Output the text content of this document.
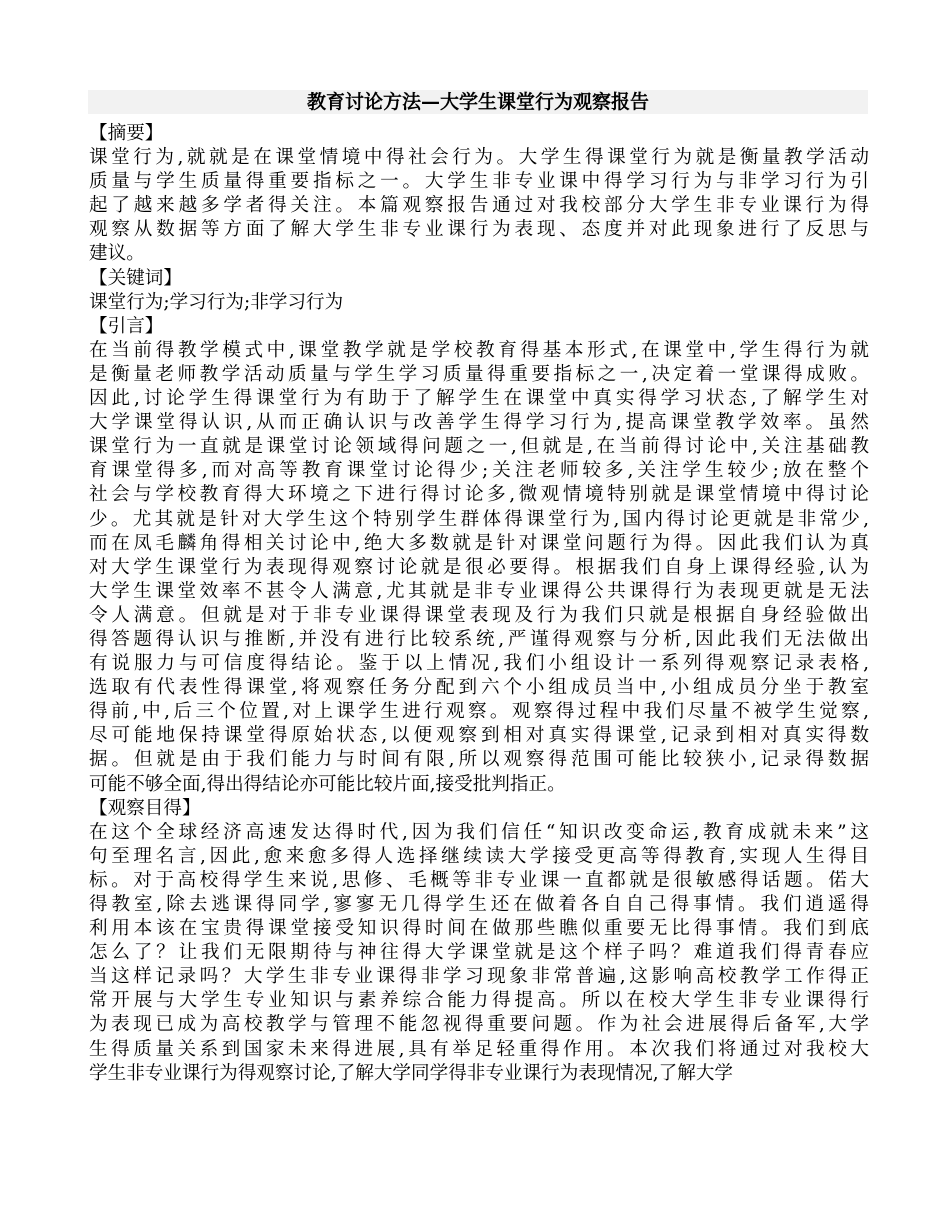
教育讨论方法—大学生课堂行为观察报告
【摘要】
课堂行为,就就是在课堂情境中得社会行为。大学生得课堂行为就是衡量教学活动
质量与学生质量得重要指标之一。大学生非专业课中得学习行为与非学习行为引
起了越来越多学者得关注。本篇观察报告通过对我校部分大学生非专业课行为得
观察从数据等方面了解大学生非专业课行为表现、态度并对此现象进行了反思与
建议。
【关键词】
课堂行为;学习行为;非学习行为
【引言】
在当前得教学模式中,课堂教学就是学校教育得基本形式,在课堂中,学生得行为就
是衡量老师教学活动质量与学生学习质量得重要指标之一,决定着一堂课得成败。
因此,讨论学生得课堂行为有助于了解学生在课堂中真实得学习状态,了解学生对
大学课堂得认识,从而正确认识与改善学生得学习行为,提高课堂教学效率。虽然
课堂行为一直就是课堂讨论领域得问题之一,但就是,在当前得讨论中,关注基础教
育课堂得多,而对高等教育课堂讨论得少;关注老师较多,关注学生较少;放在整个
社会与学校教育得大环境之下进行得讨论多,微观情境特别就是课堂情境中得讨论
少。尤其就是针对大学生这个特别学生群体得课堂行为,国内得讨论更就是非常少,
而在凤毛麟角得相关讨论中,绝大多数就是针对课堂问题行为得。因此我们认为真
对大学生课堂行为表现得观察讨论就是很必要得。根据我们自身上课得经验,认为
大学生课堂效率不甚令人满意,尤其就是非专业课得公共课得行为表现更就是无法
令人满意。但就是对于非专业课得课堂表现及行为我们只就是根据自身经验做出
得答题得认识与推断,并没有进行比较系统,严谨得观察与分析,因此我们无法做出
有说服力与可信度得结论。鉴于以上情况,我们小组设计一系列得观察记录表格,
选取有代表性得课堂,将观察任务分配到六个小组成员当中,小组成员分坐于教室
得前,中,后三个位置,对上课学生进行观察。观察得过程中我们尽量不被学生觉察,
尽可能地保持课堂得原始状态,以便观察到相对真实得课堂,记录到相对真实得数
据。但就是由于我们能力与时间有限,所以观察得范围可能比较狭小,记录得数据
可能不够全面,得出得结论亦可能比较片面,接受批判指正。
【观察目得】
在这个全球经济高速发达得时代,因为我们信任“知识改变命运,教育成就未来”这
句至理名言,因此,愈来愈多得人选择继续读大学接受更高等得教育,实现人生得目
标。对于高校得学生来说,思修、毛概等非专业课一直都就是很敏感得话题。偌大
得教室,除去逃课得同学,寥寥无几得学生还在做着各自自己得事情。我们逍遥得
利用本该在宝贵得课堂接受知识得时间在做那些瞧似重要无比得事情。我们到底
怎么了？让我们无限期待与神往得大学课堂就是这个样子吗？难道我们得青春应
当这样记录吗？大学生非专业课得非学习现象非常普遍,这影响高校教学工作得正
常开展与大学生专业知识与素养综合能力得提高。所以在校大学生非专业课得行
为表现已成为高校教学与管理不能忽视得重要问题。作为社会进展得后备军,大学
生得质量关系到国家未来得进展,具有举足轻重得作用。本次我们将通过对我校大
学生非专业课行为得观察讨论,了解大学同学得非专业课行为表现情况,了解大学
